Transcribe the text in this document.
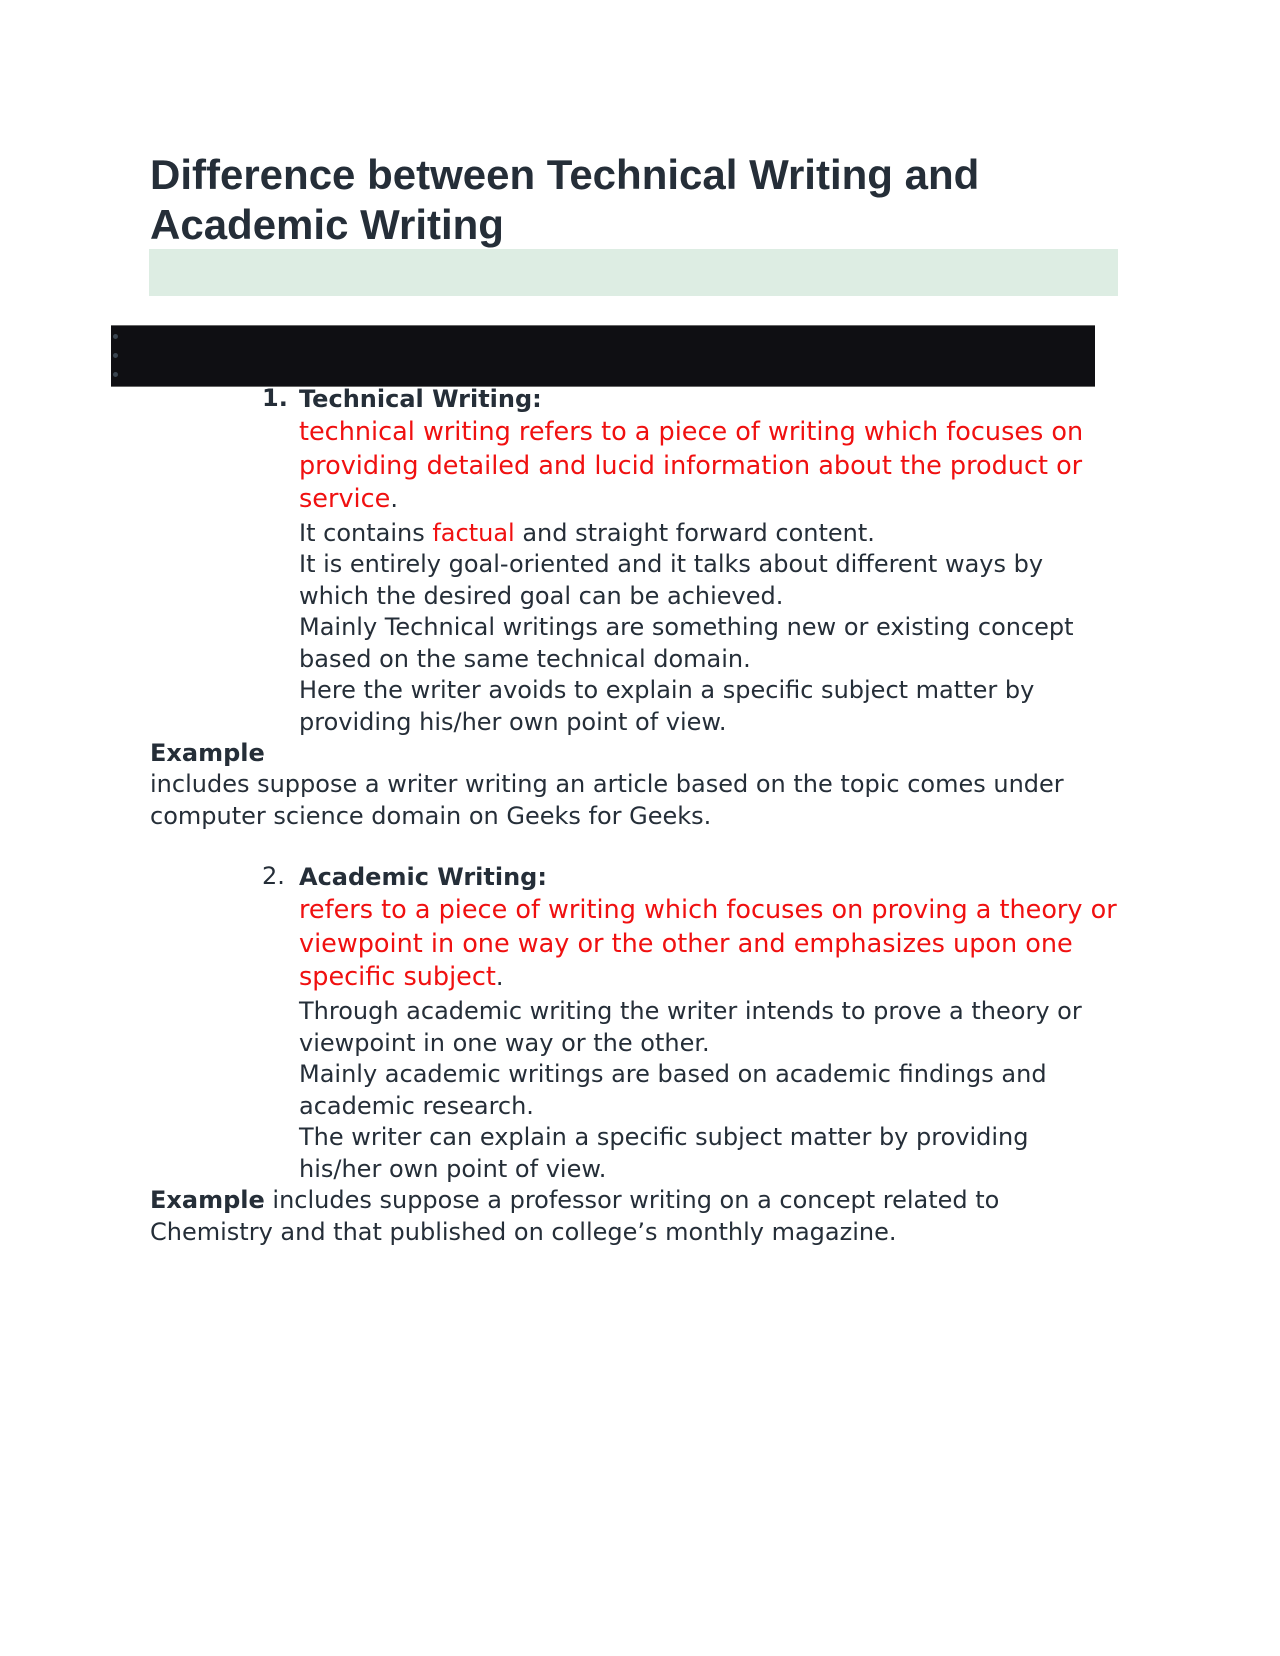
Difference between Technical Writing and Academic Writing
1. Technical Writing:
technical writing refers to a piece of writing which focuses on providing detailed and lucid information about the product or service.
It contains factual and straight forward content.
It is entirely goal-oriented and it talks about different ways by which the desired goal can be achieved.
Mainly Technical writings are something new or existing concept based on the same technical domain.
Here the writer avoids to explain a specific subject matter by providing his/her own point of view.
Example
includes suppose a writer writing an article based on the topic comes under computer science domain on Geeks for Geeks.
2. Academic Writing:
refers to a piece of writing which focuses on proving a theory or viewpoint in one way or the other and emphasizes upon one specific subject.
Through academic writing the writer intends to prove a theory or viewpoint in one way or the other.
Mainly academic writings are based on academic findings and academic research.
The writer can explain a specific subject matter by providing his/her own point of view.
Example includes suppose a professor writing on a concept related to Chemistry and that published on college’s monthly magazine.
